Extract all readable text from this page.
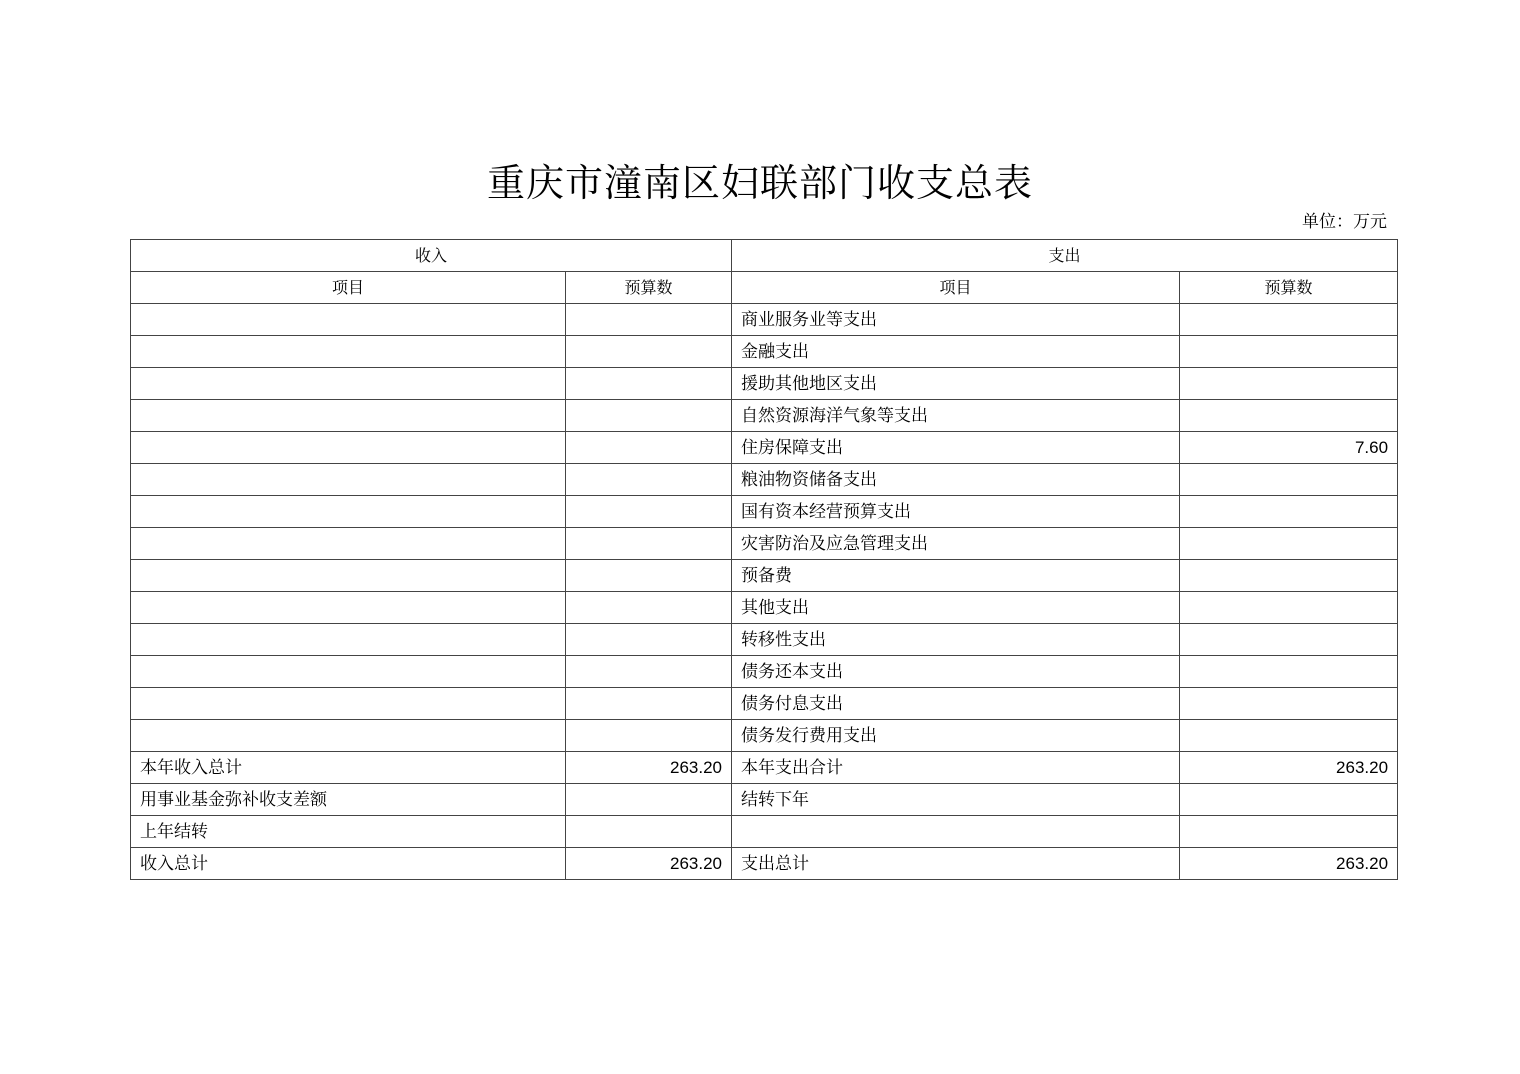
重庆市潼南区妇联部门收支总表
单位：万元
收入		支出	
项目	预算数	项目	预算数
		商业服务业等支出	
		金融支出	
		援助其他地区支出	
		自然资源海洋气象等支出	
		住房保障支出	7.60
		粮油物资储备支出	
		国有资本经营预算支出	
		灾害防治及应急管理支出	
		预备费	
		其他支出	
		转移性支出	
		债务还本支出	
		债务付息支出	
		债务发行费用支出	
本年收入总计	263.20	本年支出合计	263.20
用事业基金弥补收支差额		结转下年	
上年结转			
收入总计	263.20	支出总计	263.20
